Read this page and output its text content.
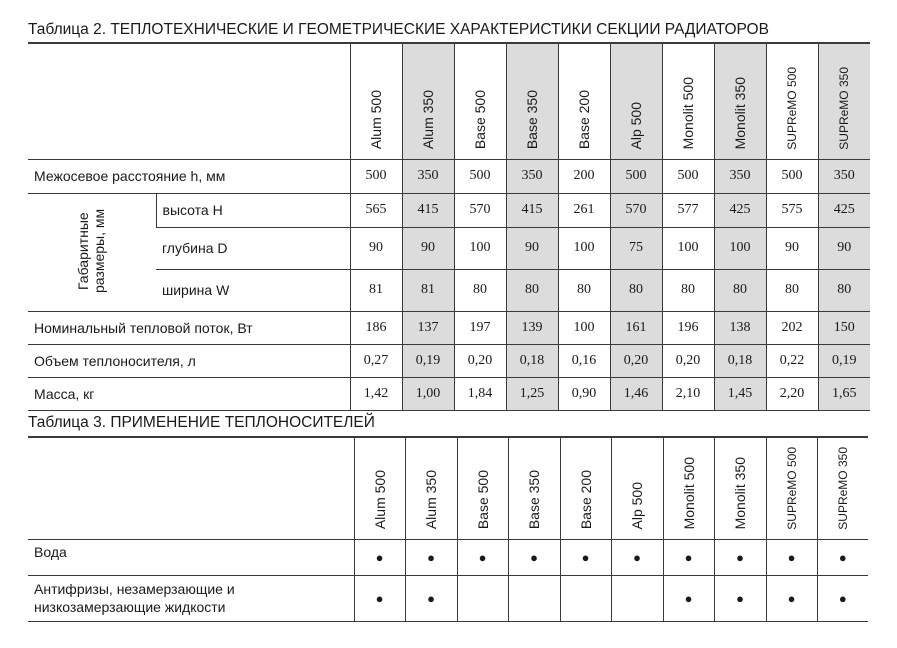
Таблица 2. ТЕПЛОТЕХНИЧЕСКИЕ И ГЕОМЕТРИЧЕСКИЕ ХАРАКТЕРИСТИКИ СЕКЦИИ РАДИАТОРОВ
		Alum 500	Alum 350	Base 500	Base 350	Base 200	Alp 500	Monolit 500	Monolit 350	SUPReMO 500	SUPReMO 350
Межосевое расстояние h, мм		500	350	500	350	200	500	500	350	500	350
Габаритные размеры, мм	высота H	565	415	570	415	261	570	577	425	575	425
	глубина D	90	90	100	90	100	75	100	100	90	90
	ширина W	81	81	80	80	80	80	80	80	80	80
Номинальный тепловой поток, Вт		186	137	197	139	100	161	196	138	202	150
Объем теплоносителя, л		0,27	0,19	0,20	0,18	0,16	0,20	0,20	0,18	0,22	0,19
Масса, кг		1,42	1,00	1,84	1,25	0,90	1,46	2,10	1,45	2,20	1,65
Таблица 3. ПРИМЕНЕНИЕ ТЕПЛОНОСИТЕЛЕЙ
	Alum 500	Alum 350	Base 500	Base 350	Base 200	Alp 500	Monolit 500	Monolit 350	SUPReMO 500	SUPReMO 350
Вода	●	●	●	●	●	●	●	●	●	●

Антифризы, незамерзающие и
низкозамерзающие жидкости	●	●					●	●	●	●
